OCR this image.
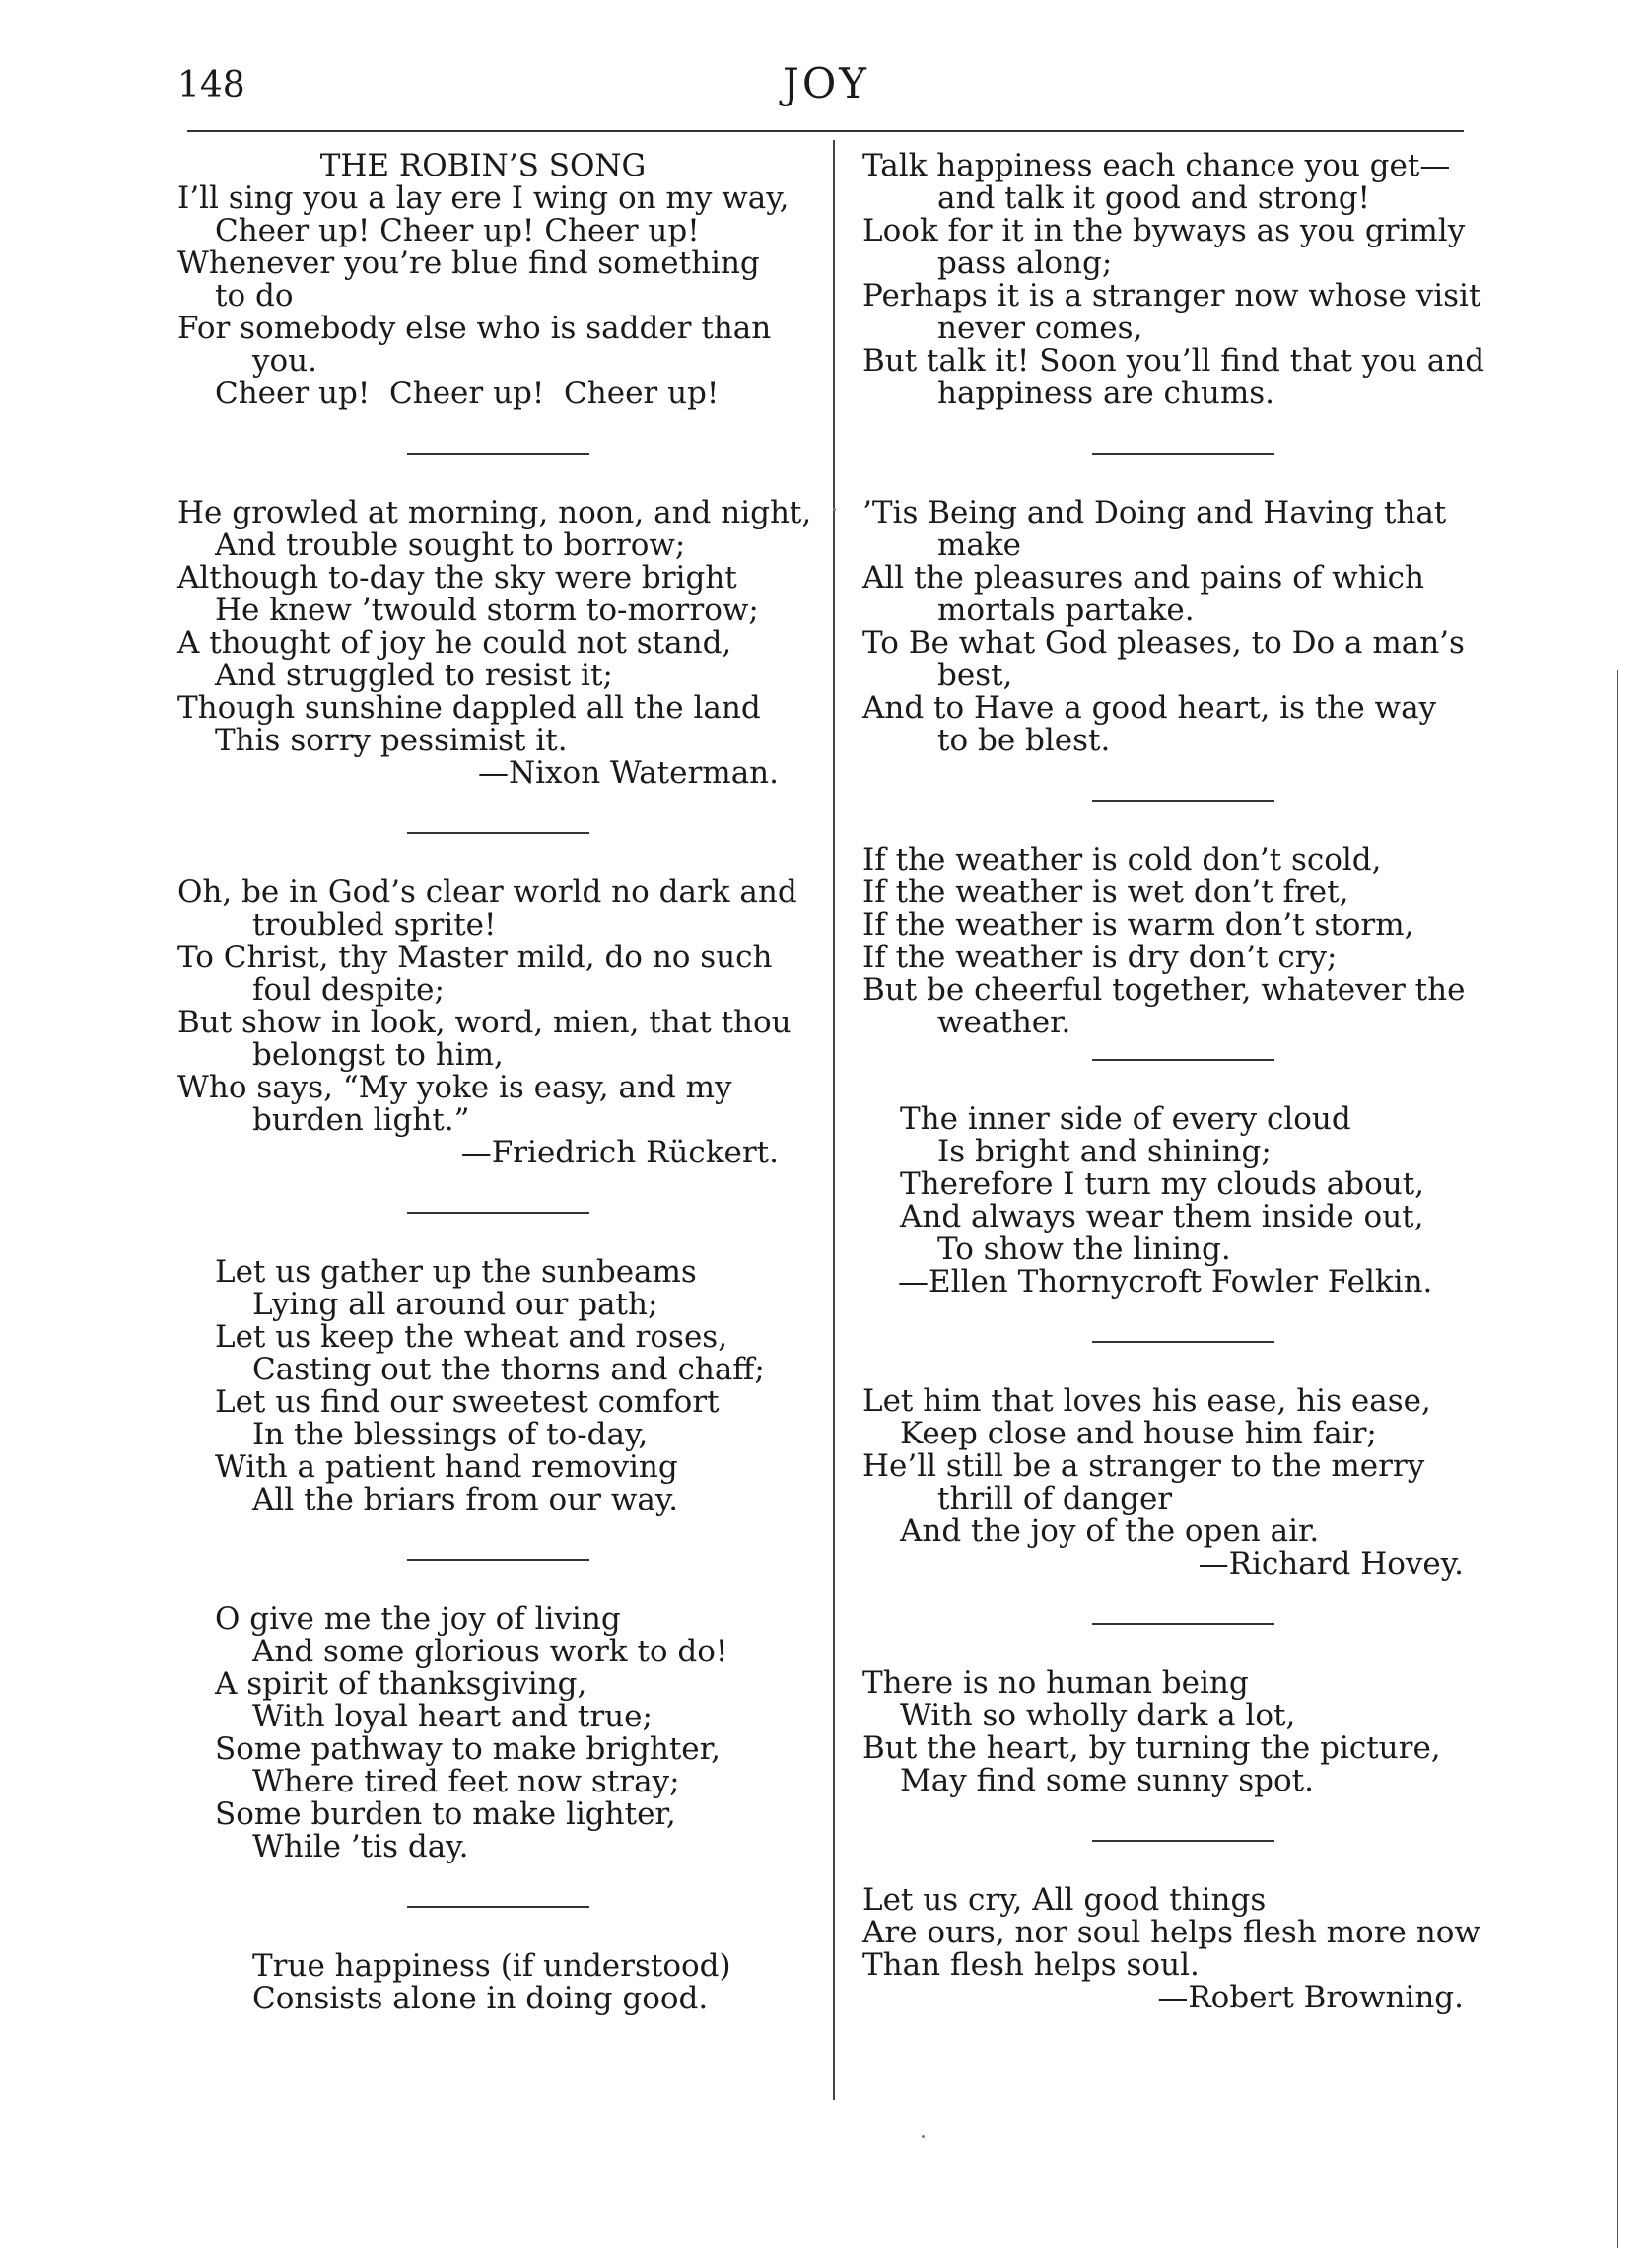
148	JOY
THE ROBIN’S SONG
I’ll sing you a lay ere I wing on my way,
Cheer up! Cheer up! Cheer up!
Whenever you’re blue find something
to do
For somebody else who is sadder than
you.
Cheer up!  Cheer up!  Cheer up!
He growled at morning, noon, and night,
And trouble sought to borrow;
Although to-day the sky were bright
He knew ’twould storm to-morrow;
A thought of joy he could not stand,
And struggled to resist it;
Though sunshine dappled all the land
This sorry pessimist it.
—Nixon Waterman.
Oh, be in God’s clear world no dark and
troubled sprite!
To Christ, thy Master mild, do no such
foul despite;
But show in look, word, mien, that thou
belongst to him,
Who says, “My yoke is easy, and my
burden light.”
—Friedrich Rückert.
Let us gather up the sunbeams
Lying all around our path;
Let us keep the wheat and roses,
Casting out the thorns and chaff;
Let us find our sweetest comfort
In the blessings of to-day,
With a patient hand removing
All the briars from our way.
O give me the joy of living
And some glorious work to do!
A spirit of thanksgiving,
With loyal heart and true;
Some pathway to make brighter,
Where tired feet now stray;
Some burden to make lighter,
While ’tis day.
True happiness (if understood)
Consists alone in doing good.
Talk happiness each chance you get—
and talk it good and strong!
Look for it in the byways as you grimly
pass along;
Perhaps it is a stranger now whose visit
never comes,
But talk it! Soon you’ll find that you and
happiness are chums.
’Tis Being and Doing and Having that
make
All the pleasures and pains of which
mortals partake.
To Be what God pleases, to Do a man’s
best,
And to Have a good heart, is the way
to be blest.
If the weather is cold don’t scold,
If the weather is wet don’t fret,
If the weather is warm don’t storm,
If the weather is dry don’t cry;
But be cheerful together, whatever the
weather.
The inner side of every cloud
Is bright and shining;
Therefore I turn my clouds about,
And always wear them inside out,
To show the lining.
—Ellen Thornycroft Fowler Felkin.
Let him that loves his ease, his ease,
Keep close and house him fair;
He’ll still be a stranger to the merry
thrill of danger
And the joy of the open air.
—Richard Hovey.
There is no human being
With so wholly dark a lot,
But the heart, by turning the picture,
May find some sunny spot.
Let us cry, All good things
Are ours, nor soul helps flesh more now
Than flesh helps soul.
—Robert Browning.
